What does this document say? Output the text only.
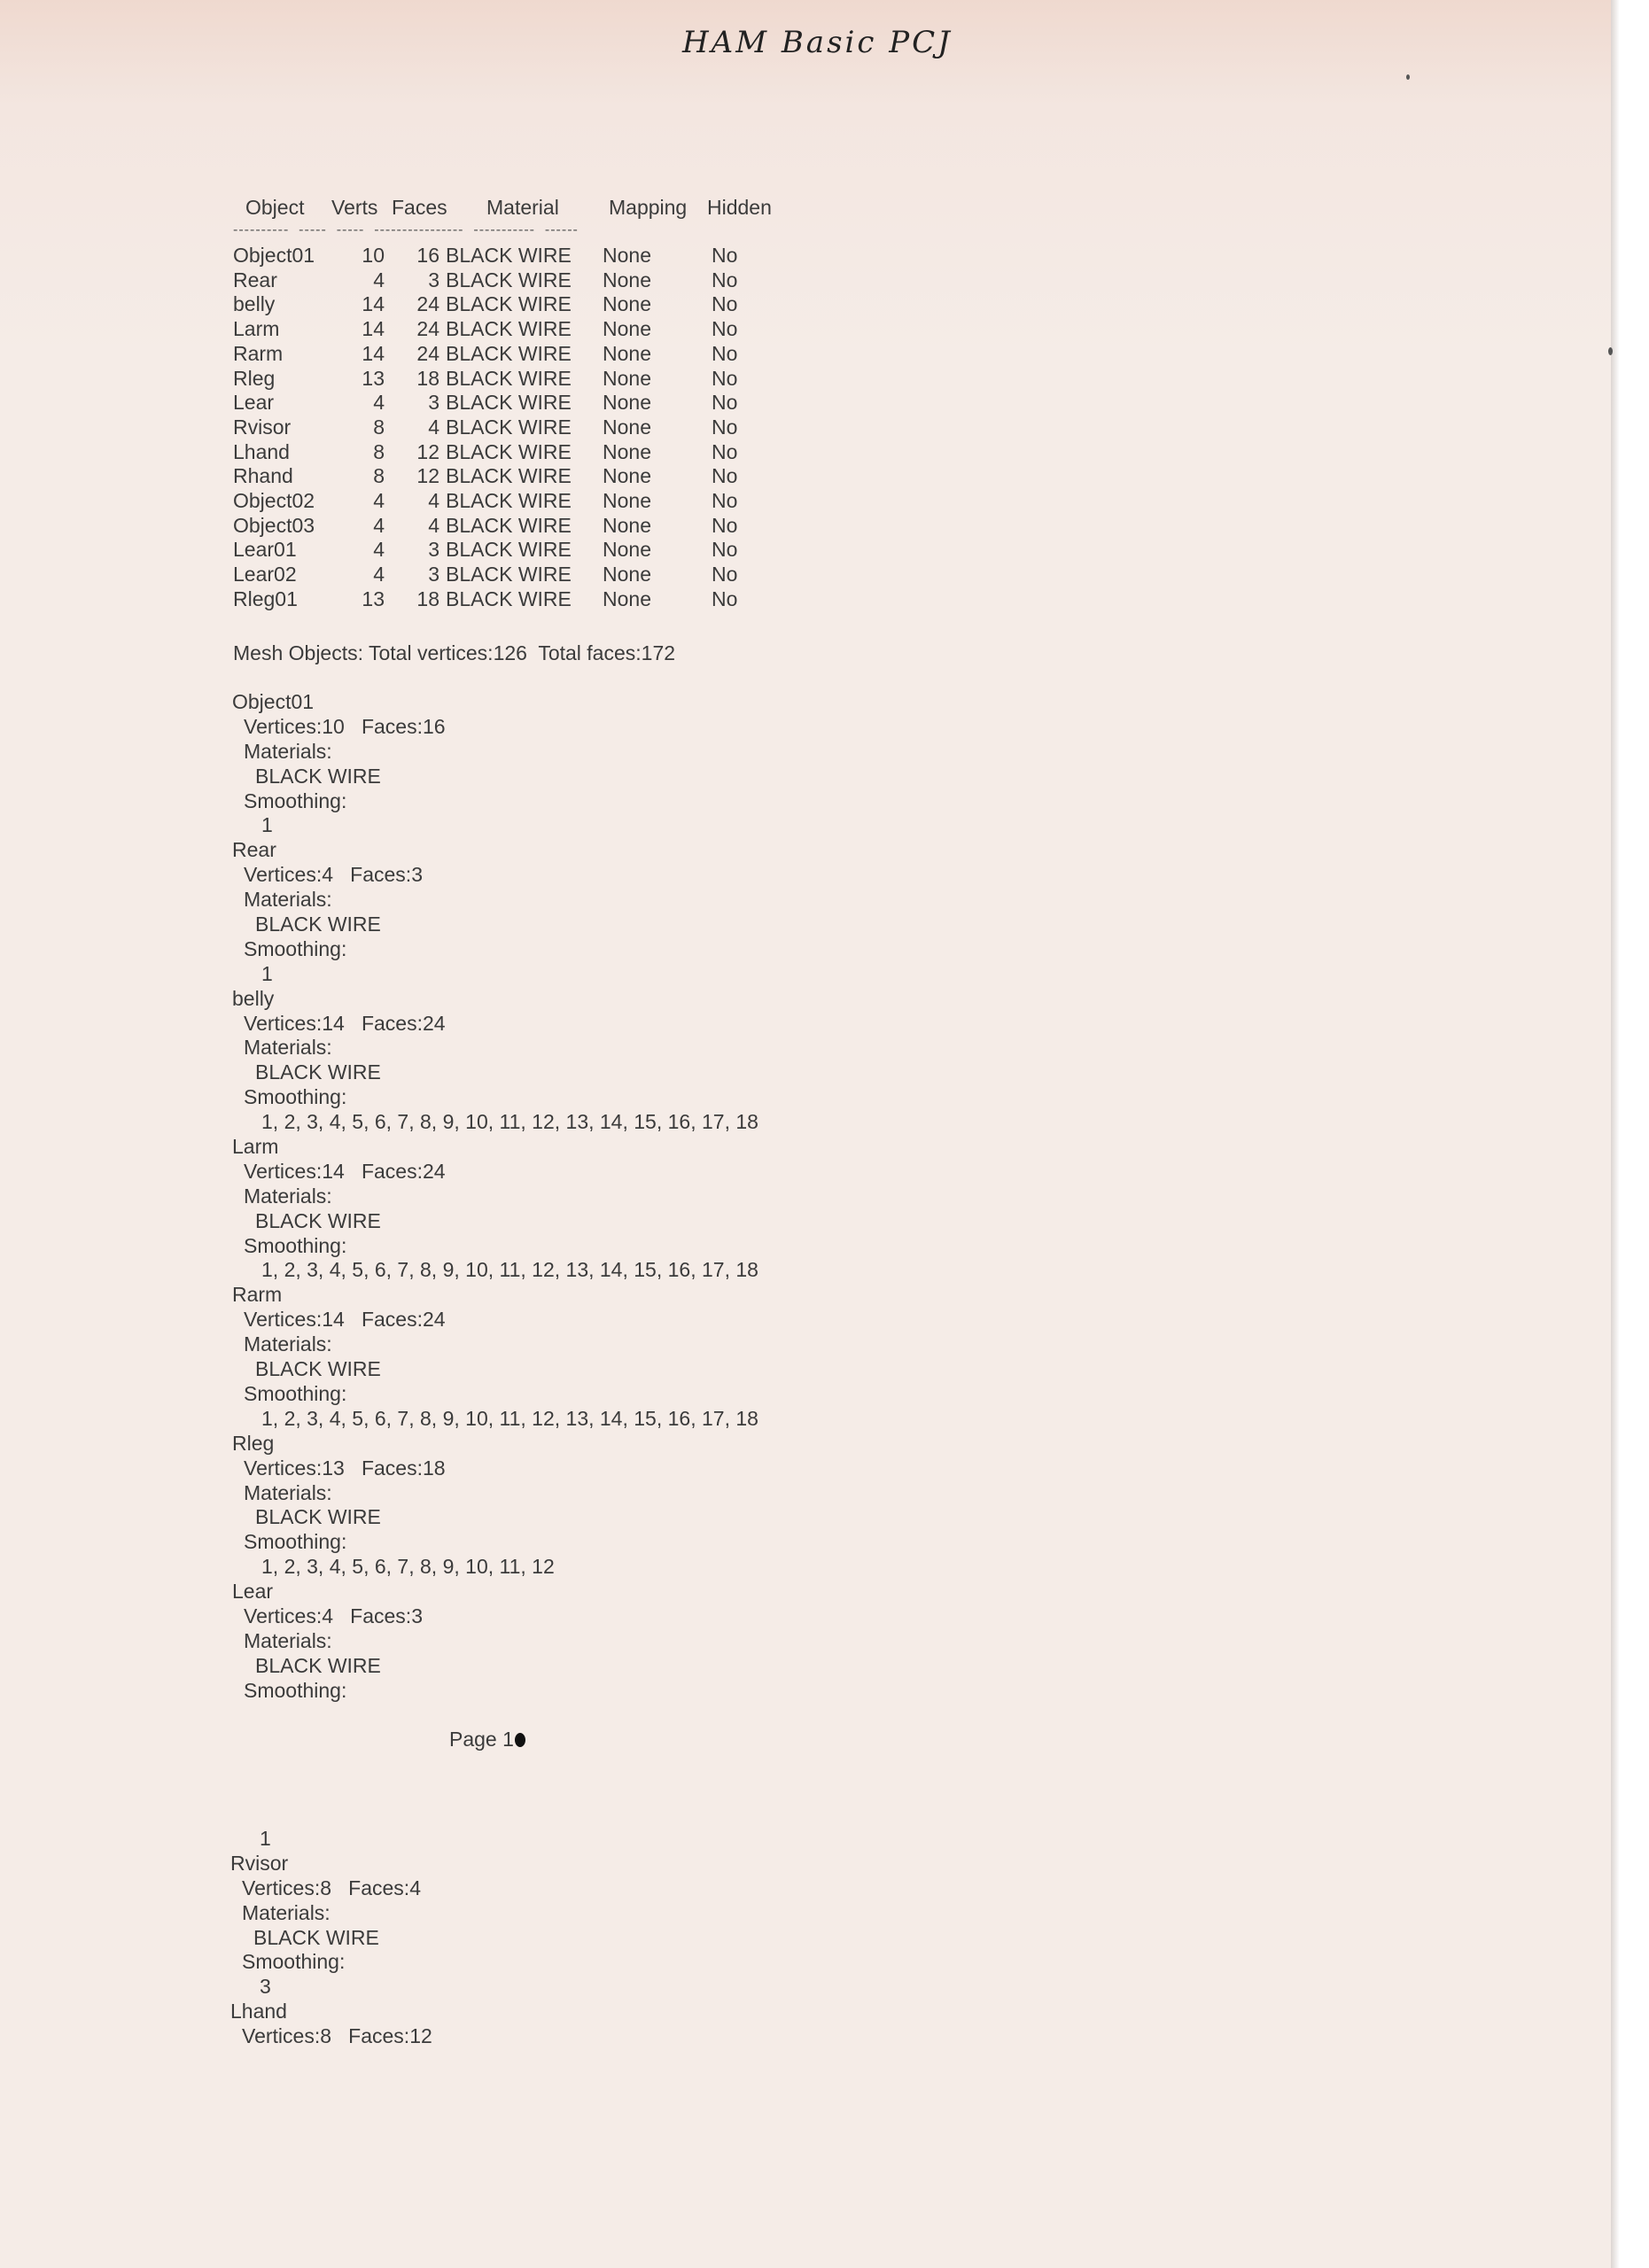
HAM Basic PCJ
Object Verts Faces Material Mapping Hidden
----------  -----  -----  ----------------  -----------  ------
Object01
Rear
belly
Larm
Rarm
Rleg
Lear
Rvisor
Lhand
Rhand
Object02
Object03
Lear01
Lear02
Rleg01
10
4
14
14
14
13
4
8
8
8
4
4
4
4
13
16
3
24
24
24
18
3
4
12
12
4
4
3
3
18
BLACK WIRE
BLACK WIRE
BLACK WIRE
BLACK WIRE
BLACK WIRE
BLACK WIRE
BLACK WIRE
BLACK WIRE
BLACK WIRE
BLACK WIRE
BLACK WIRE
BLACK WIRE
BLACK WIRE
BLACK WIRE
BLACK WIRE
None
None
None
None
None
None
None
None
None
None
None
None
None
None
None
No
No
No
No
No
No
No
No
No
No
No
No
No
No
No
Mesh Objects: Total vertices:126  Total faces:172
Object01
Vertices:10   Faces:16
Materials:
BLACK WIRE
Smoothing:
1
Rear
Vertices:4   Faces:3
Materials:
BLACK WIRE
Smoothing:
1
belly
Vertices:14   Faces:24
Materials:
BLACK WIRE
Smoothing:
1, 2, 3, 4, 5, 6, 7, 8, 9, 10, 11, 12, 13, 14, 15, 16, 17, 18
Larm
Vertices:14   Faces:24
Materials:
BLACK WIRE
Smoothing:
1, 2, 3, 4, 5, 6, 7, 8, 9, 10, 11, 12, 13, 14, 15, 16, 17, 18
Rarm
Vertices:14   Faces:24
Materials:
BLACK WIRE
Smoothing:
1, 2, 3, 4, 5, 6, 7, 8, 9, 10, 11, 12, 13, 14, 15, 16, 17, 18
Rleg
Vertices:13   Faces:18
Materials:
BLACK WIRE
Smoothing:
1, 2, 3, 4, 5, 6, 7, 8, 9, 10, 11, 12
Lear
Vertices:4   Faces:3
Materials:
BLACK WIRE
Smoothing:
Page 1
1
Rvisor
Vertices:8   Faces:4
Materials:
BLACK WIRE
Smoothing:
3
Lhand
Vertices:8   Faces:12
